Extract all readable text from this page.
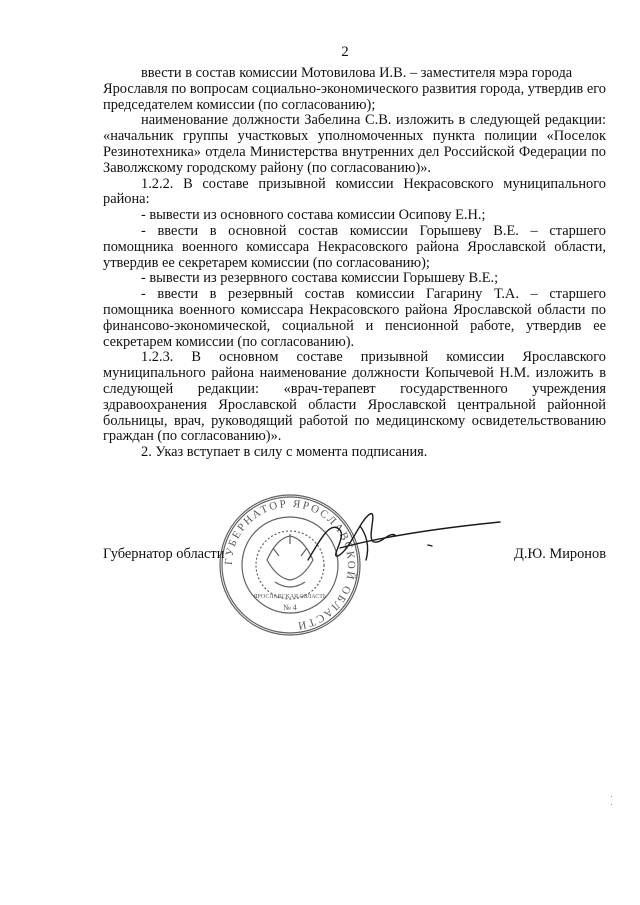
2

ввести в состав комиссии Мотовилова И.В. – заместителя мэра города

Ярославля по вопросам социально-экономического развития города, утвердив его председателем комиссии (по согласованию);

наименование должности Забелина С.В. изложить в следующей редакции: «начальник группы участковых уполномоченных пункта полиции «Поселок Резинотехника» отдела Министерства внутренних дел Российской Федерации по Заволжскому городскому району (по согласованию)».

1.2.2. В составе призывной комиссии Некрасовского муниципального района:

- вывести из основного состава комиссии Осипову Е.Н.;

- ввести в основной состав комиссии Горышеву В.Е. – старшего помощника военного комиссара Некрасовского района Ярославской области, утвердив ее секретарем комиссии (по согласованию);

- вывести из резервного состава комиссии Горышеву В.Е.;

- ввести в резервный состав комиссии Гагарину Т.А. – старшего помощника военного комиссара Некрасовского района Ярославской области по финансово-экономической, социальной и пенсионной работе, утвердив ее секретарем комиссии (по согласованию).

1.2.3. В основном составе призывной комиссии Ярославского муниципального района наименование должности Копычевой Н.М. изложить в следующей редакции: «врач-терапевт государственного учреждения здравоохранения Ярославской области Ярославской центральной районной больницы, врач, руководящий работой по медицинскому освидетельствованию граждан (по согласованию)».

2. Указ вступает в силу с момента подписания.

ГУБЕРНАТОР ЯРОСЛАВСКОЙ ОБЛАСТИ
ЯРОСЛАВСКАЯ ОБЛАСТЬ
№ 4
Губернатор области	Д.Ю. Миронов
